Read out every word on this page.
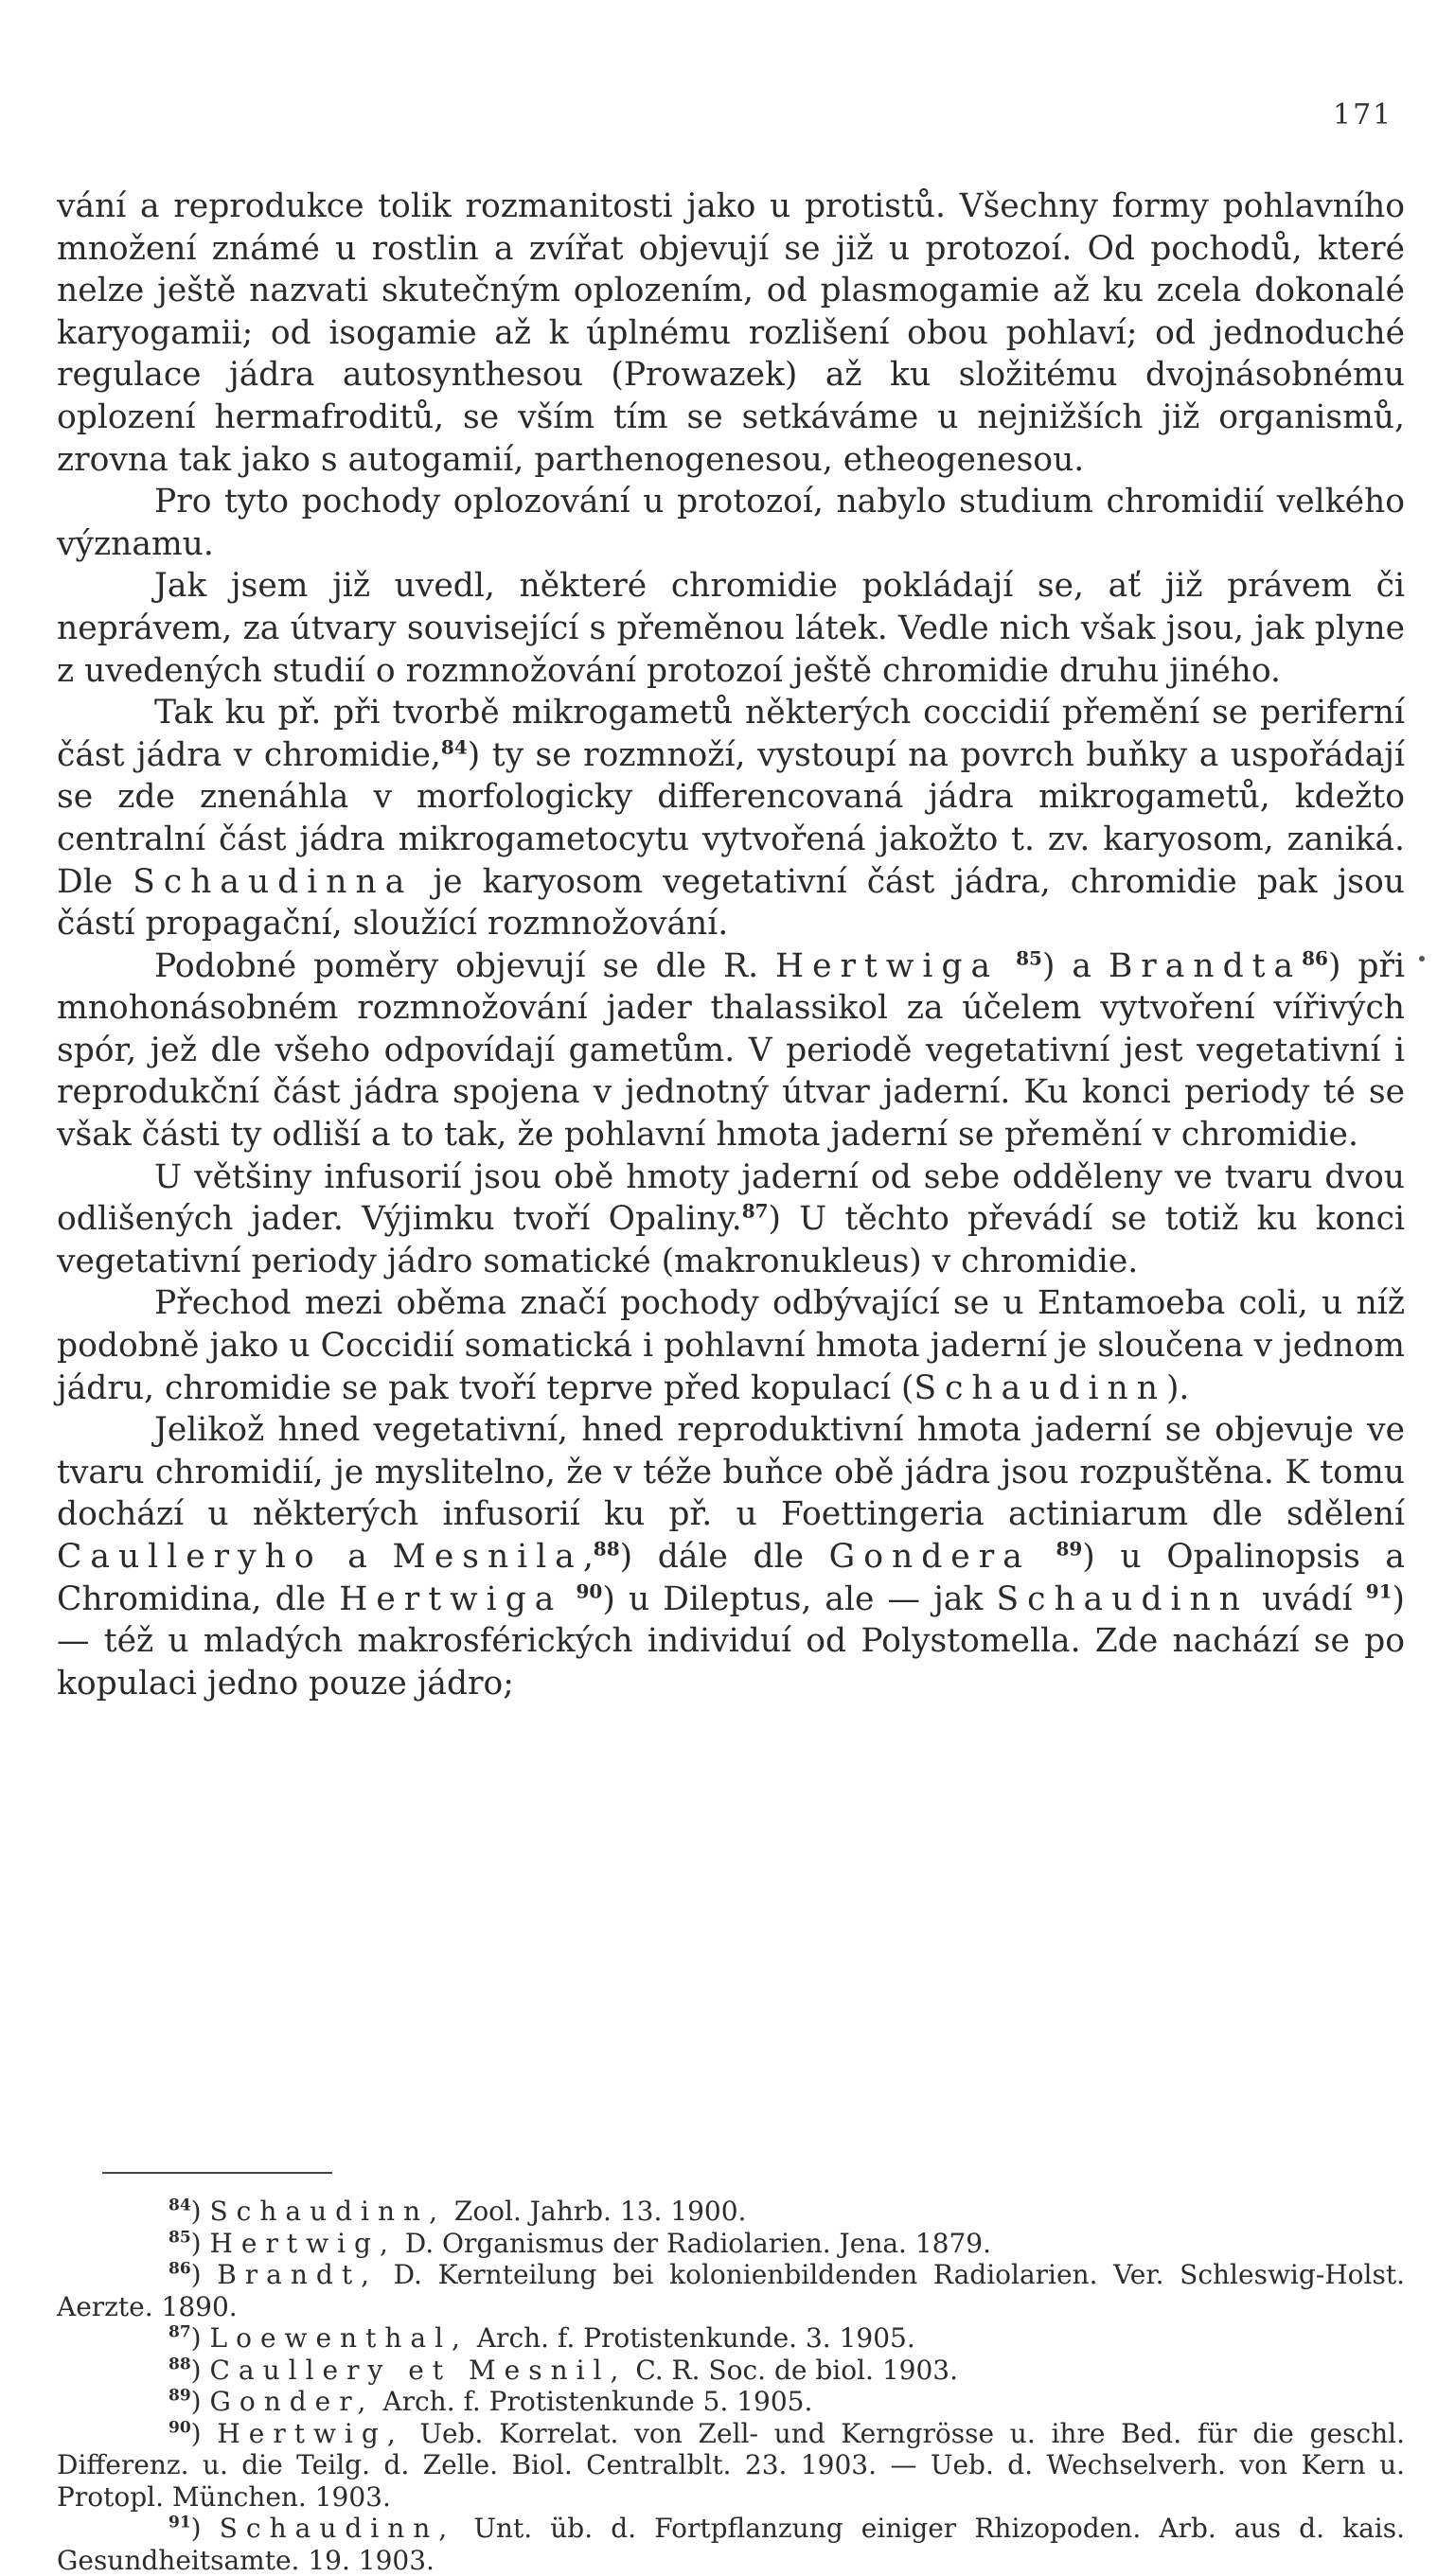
171

vání a reprodukce tolik rozmanitosti jako u protistů. Všechny formy pohlavního množení známé u rostlin a zvířat objevují se již u protozoí. Od pochodů, které nelze ještě nazvati skutečným oplozením, od plasmogamie až ku zcela dokonalé karyogamii; od isogamie až k úplnému rozlišení obou pohlaví; od jednoduché regulace jádra autosynthesou (Prowazek) až ku složitému dvojnásobnému oplození hermafroditů, se vším tím se setkáváme u nejnižších již organismů, zrovna tak jako s autogamií, parthenogenesou, etheogenesou.

Pro tyto pochody oplozování u protozoí, nabylo studium chromidií velkého významu.

Jak jsem již uvedl, některé chromidie pokládají se, ať již právem či neprávem, za útvary související s přeměnou látek. Vedle nich však jsou, jak plyne z uvedených studií o rozmnožování protozoí ještě chromidie druhu jiného.

Tak ku př. při tvorbě mikrogametů některých coccidií přemění se periferní část jádra v chromidie,$^{84}$) ty se rozmnoží, vystoupí na povrch buňky a uspořádají se zde znenáhla v morfologicky differencovaná jádra mikrogametů, kdežto centralní část jádra mikrogametocytu vytvořená jakožto t. zv. karyosom, zaniká. Dle Schaudinna je karyosom vegetativní část jádra, chromidie pak jsou částí propagační, sloužící rozmnožování.

Podobné poměry objevují se dle R. Hertwiga $^{85}$) a Brandta$^{86}$) při mnohonásobném rozmnožování jader thalassikol za účelem vytvoření vířivých spór, jež dle všeho odpovídají gametům. V periodě vegetativní jest vegetativní i reprodukční část jádra spojena v jednotný útvar jaderní. Ku konci periody té se však části ty odliší a to tak, že pohlavní hmota jaderní se přemění v chromidie.

U většiny infusorií jsou obě hmoty jaderní od sebe odděleny ve tvaru dvou odlišených jader. Výjimku tvoří Opaliny.$^{87}$) U těchto převádí se totiž ku konci vegetativní periody jádro somatické (makronukleus) v chromidie.

Přechod mezi oběma značí pochody odbývající se u Entamoeba coli, u níž podobně jako u Coccidií somatická i pohlavní hmota jaderní je sloučena v jednom jádru, chromidie se pak tvoří teprve před kopulací (Schaudinn).

Jelikož hned vegetativní, hned reproduktivní hmota jaderní se objevuje ve tvaru chromidií, je myslitelno, že v téže buňce obě jádra jsou rozpuštěna. K tomu dochází u některých infusorií ku př. u Foettingeria actiniarum dle sdělení Caulleryho a Mesnila,$^{88}$) dále dle Gondera $^{89}$) u Opalinopsis a Chromidina, dle Hertwiga $^{90}$) u Dileptus, ale — jak Schaudinn uvádí $^{91}$) — též u mladých makrosférických individuí od Polystomella. Zde nachází se po kopulaci jedno pouze jádro;

$^{84}$) Schaudinn, Zool. Jahrb. 13. 1900.

$^{85}$) Hertwig, D. Organismus der Radiolarien. Jena. 1879.

$^{86}$) Brandt, D. Kernteilung bei kolonienbildenden Radiolarien. Ver. Schleswig-Holst. Aerzte. 1890.

$^{87}$) Loewenthal, Arch. f. Protistenkunde. 3. 1905.

$^{88}$) Caullery et Mesnil, C. R. Soc. de biol. 1903.

$^{89}$) Gonder, Arch. f. Protistenkunde 5. 1905.

$^{90}$) Hertwig, Ueb. Korrelat. von Zell- und Kerngrösse u. ihre Bed. für die geschl. Differenz. u. die Teilg. d. Zelle. Biol. Centralblt. 23. 1903. — Ueb. d. Wechselverh. von Kern u. Protopl. München. 1903.

$^{91}$) Schaudinn, Unt. üb. d. Fortpflanzung einiger Rhizopoden. Arb. aus d. kais. Gesundheitsamte. 19. 1903.
